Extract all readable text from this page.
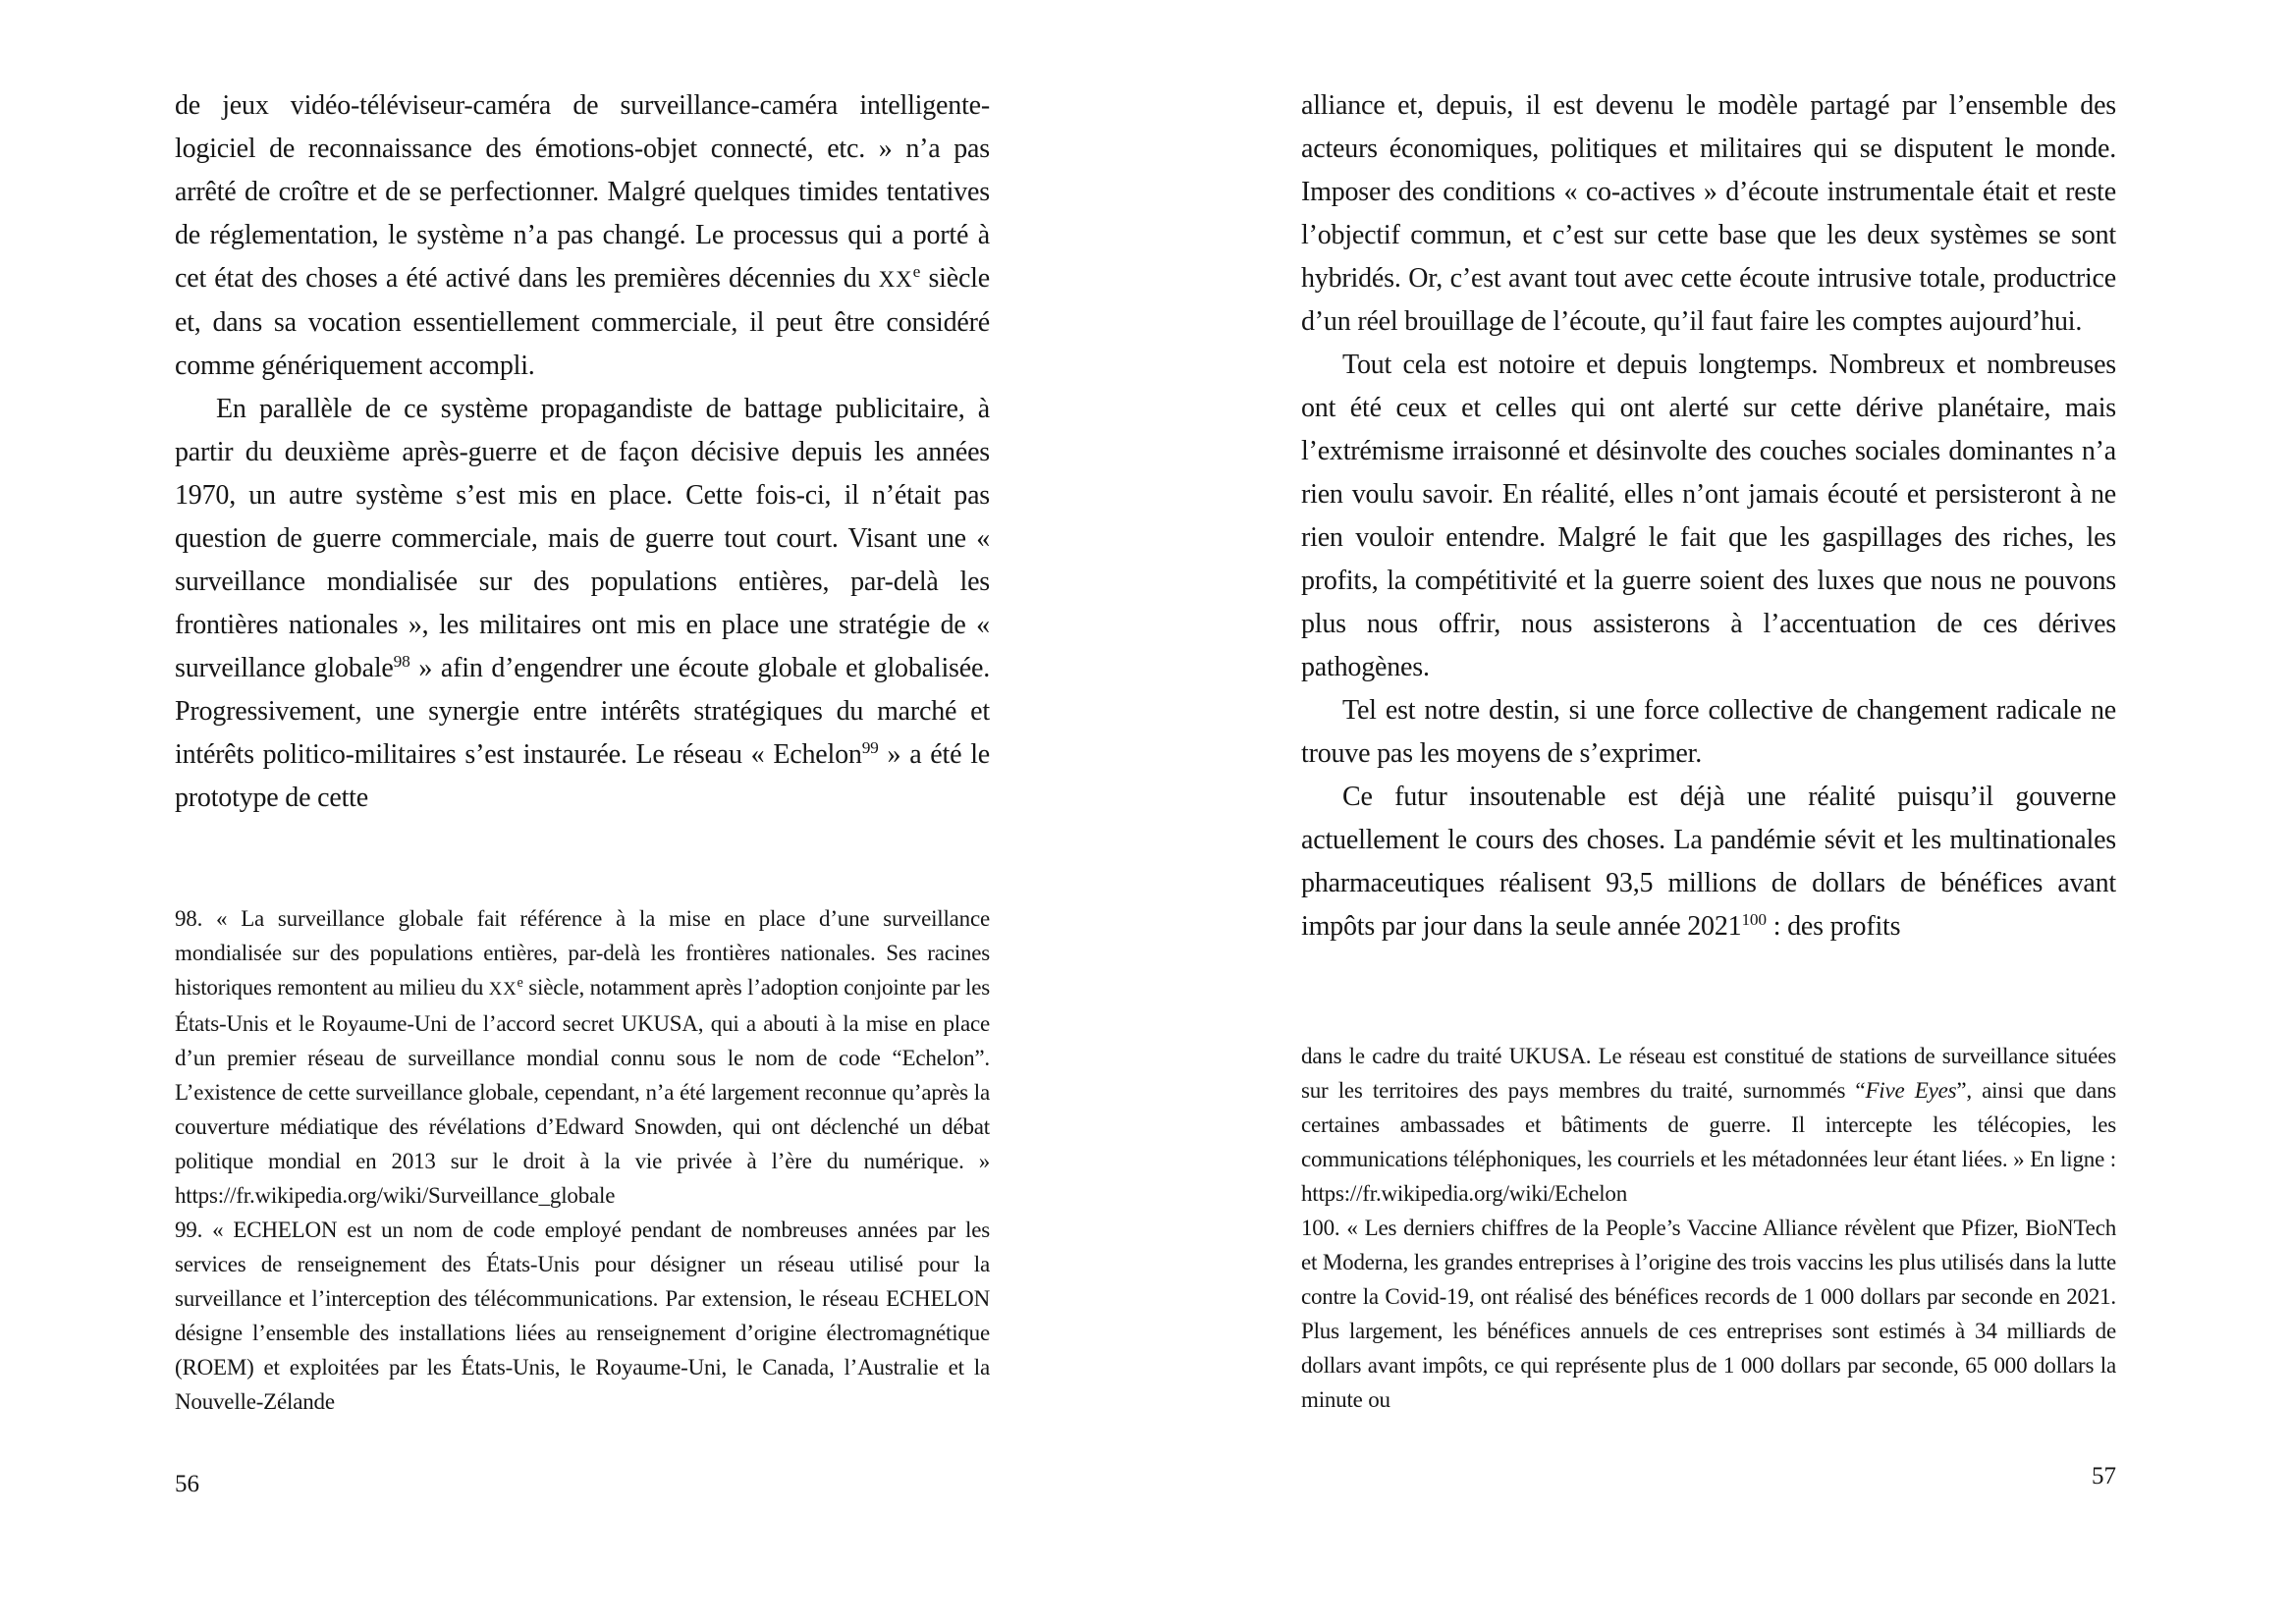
de jeux vidéo-téléviseur-caméra de surveillance-caméra intelligente-logiciel de reconnaissance des émotions-objet connecté, etc. » n’a pas arrêté de croître et de se perfectionner. Malgré quelques timides tentatives de réglementation, le système n’a pas changé. Le processus qui a porté à cet état des choses a été activé dans les premières décennies du XXe siècle et, dans sa vocation essentiellement commerciale, il peut être considéré comme génériquement accompli.

En parallèle de ce système propagandiste de battage publicitaire, à partir du deuxième après-guerre et de façon décisive depuis les années 1970, un autre système s’est mis en place. Cette fois-ci, il n’était pas question de guerre commerciale, mais de guerre tout court. Visant une « surveillance mondialisée sur des populations entières, par-delà les frontières nationales », les militaires ont mis en place une stratégie de « surveillance globale$^{98}$ » afin d’engendrer une écoute globale et globalisée. Progressivement, une synergie entre intérêts stratégiques du marché et intérêts politico-militaires s’est instaurée. Le réseau « Echelon$^{99}$ » a été le prototype de cette

98. « La surveillance globale fait référence à la mise en place d’une surveillance mondialisée sur des populations entières, par-delà les frontières nationales. Ses racines historiques remontent au milieu du XXe siècle, notamment après l’adoption conjointe par les États-Unis et le Royaume-Uni de l’accord secret UKUSA, qui a abouti à la mise en place d’un premier réseau de surveillance mondial connu sous le nom de code “Echelon”. L’existence de cette surveillance globale, cependant, n’a été largement reconnue qu’après la couverture médiatique des révélations d’Edward Snowden, qui ont déclenché un débat politique mondial en 2013 sur le droit à la vie privée à l’ère du numérique. » https://fr.wikipedia.org/wiki/Surveillance_globale

99. « ECHELON est un nom de code employé pendant de nombreuses années par les services de renseignement des États-Unis pour désigner un réseau utilisé pour la surveillance et l’interception des télécommunications. Par extension, le réseau ECHELON désigne l’ensemble des installations liées au renseignement d’origine électromagnétique (ROEM) et exploitées par les États-Unis, le Royaume-Uni, le Canada, l’Australie et la Nouvelle-Zélande

56

alliance et, depuis, il est devenu le modèle partagé par l’ensemble des acteurs économiques, politiques et militaires qui se disputent le monde. Imposer des conditions « co-actives » d’écoute instrumentale était et reste l’objectif commun, et c’est sur cette base que les deux systèmes se sont hybridés. Or, c’est avant tout avec cette écoute intrusive totale, productrice d’un réel brouillage de l’écoute, qu’il faut faire les comptes aujourd’hui.

Tout cela est notoire et depuis longtemps. Nombreux et nombreuses ont été ceux et celles qui ont alerté sur cette dérive planétaire, mais l’extrémisme irraisonné et désinvolte des couches sociales dominantes n’a rien voulu savoir. En réalité, elles n’ont jamais écouté et persisteront à ne rien vouloir entendre. Malgré le fait que les gaspillages des riches, les profits, la compétitivité et la guerre soient des luxes que nous ne pouvons plus nous offrir, nous assisterons à l’accentuation de ces dérives pathogènes.

Tel est notre destin, si une force collective de changement radicale ne trouve pas les moyens de s’exprimer.

Ce futur insoutenable est déjà une réalité puisqu’il gouverne actuellement le cours des choses. La pandémie sévit et les multinationales pharmaceutiques réalisent 93,5 millions de dollars de bénéfices avant impôts par jour dans la seule année 2021$^{100}$ : des profits

dans le cadre du traité UKUSA. Le réseau est constitué de stations de surveillance situées sur les territoires des pays membres du traité, surnommés “Five Eyes”, ainsi que dans certaines ambassades et bâtiments de guerre. Il intercepte les télécopies, les communications téléphoniques, les courriels et les métadonnées leur étant liées. » En ligne : https://fr.wikipedia.org/wiki/Echelon

100. « Les derniers chiffres de la People’s Vaccine Alliance révèlent que Pfizer, BioNTech et Moderna, les grandes entreprises à l’origine des trois vaccins les plus utilisés dans la lutte contre la Covid-19, ont réalisé des bénéfices records de 1 000 dollars par seconde en 2021. Plus largement, les bénéfices annuels de ces entreprises sont estimés à 34 milliards de dollars avant impôts, ce qui représente plus de 1 000 dollars par seconde, 65 000 dollars la minute ou

57
